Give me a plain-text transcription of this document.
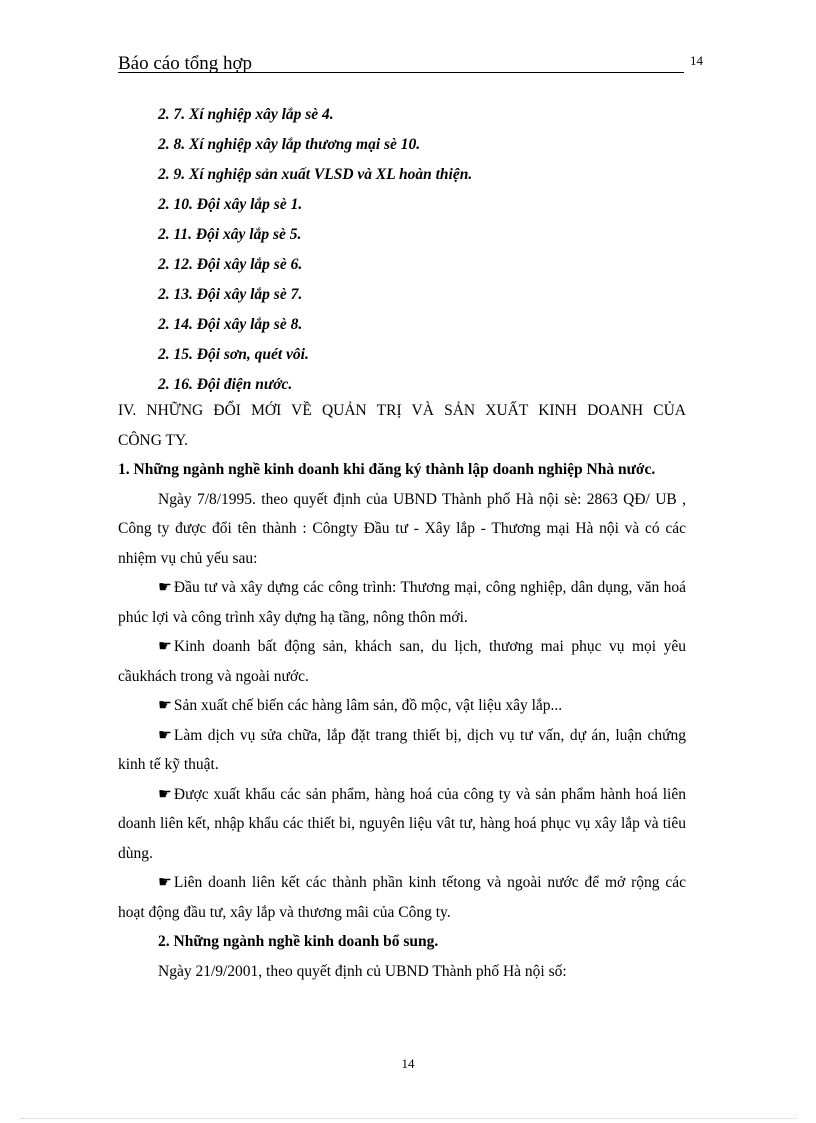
Báo cáo tổng hợp	14
2. 7. Xí nghiệp xây lắp sè 4.
2. 8. Xí nghiệp xây lắp thương mại sè 10.
2. 9. Xí nghiệp sản xuất VLSD và XL hoàn thiện.
2. 10. Đội xây lắp sè 1.
2. 11. Đội xây lắp sè 5.
2. 12. Đội xây lắp sè 6.
2. 13. Đội xây lắp sè 7.
2. 14. Đội xây lắp sè 8.
2. 15. Đội sơn, quét vôi.
2. 16. Đội điện nước.
IV. NHỮNG ĐỔI MỚI VỀ QUẢN TRỊ VÀ SẢN XUẤT KINH DOANH CỦA
CÔNG TY.
1. Những ngành nghề kinh doanh khi đăng ký thành lập doanh nghiệp Nhà nước.
Ngày 7/8/1995. theo quyết định của UBND Thành phố Hà nội sè: 2863 QĐ/ UB , Công ty được đổi tên thành : Côngty Đầu tư - Xây lắp - Thương mại Hà nội và có các nhiệm vụ chủ yếu sau:
☛ Đầu tư và xây dựng các công trình: Thương mại, công nghiệp, dân dụng, văn hoá phúc lợi và công trình xây dựng hạ tầng, nông thôn mới.
☛ Kinh doanh bất động sản, khách san, du lịch, thương mai phục vụ mọi yêu cầukhách trong và ngoài nước.
☛ Sản xuất chế biến các hàng lâm sản, đồ mộc, vật liệu xây lắp...
☛ Làm dịch vụ sửa chữa, lắp đặt trang thiết bị, dịch vụ tư vấn, dự án, luận chứng kinh tế kỹ thuật.
☛ Được xuất khẩu các sản phẩm, hàng hoá của công ty và sản phẩm hành hoá liên doanh liên kết, nhập khẩu các thiết bi, nguyên liệu vât tư, hàng hoá phục vụ xây lắp và tiêu dùng.
☛ Liên doanh liên kết các thành phần kinh tếtong và ngoài nước để mở rộng các hoạt động đầu tư, xây lắp và thương mâi của Công ty.
2. Những ngành nghề kinh doanh bổ sung.
Ngày 21/9/2001, theo quyết định củ UBND Thành phố Hà nội số:
14
